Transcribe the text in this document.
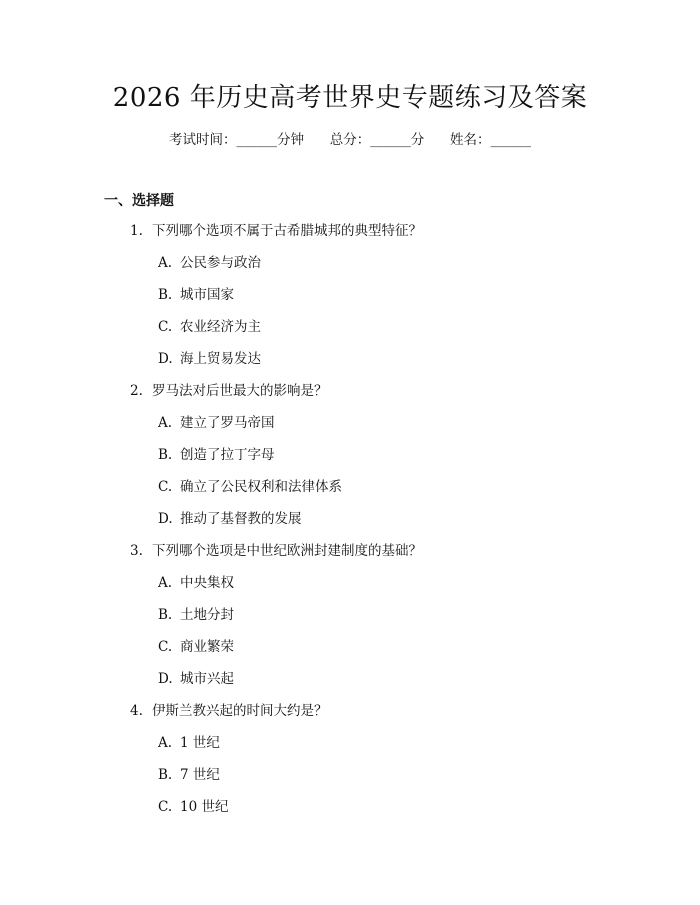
2026 年历史高考世界史专题练习及答案
考试时间：______分钟      总分：______分      姓名：______
一、选择题
1. 下列哪个选项不属于古希腊城邦的典型特征？
A. 公民参与政治
B. 城市国家
C. 农业经济为主
D. 海上贸易发达
2. 罗马法对后世最大的影响是？
A. 建立了罗马帝国
B. 创造了拉丁字母
C. 确立了公民权利和法律体系
D. 推动了基督教的发展
3. 下列哪个选项是中世纪欧洲封建制度的基础？
A. 中央集权
B. 土地分封
C. 商业繁荣
D. 城市兴起
4. 伊斯兰教兴起的时间大约是？
A. 1 世纪
B. 7 世纪
C. 10 世纪
